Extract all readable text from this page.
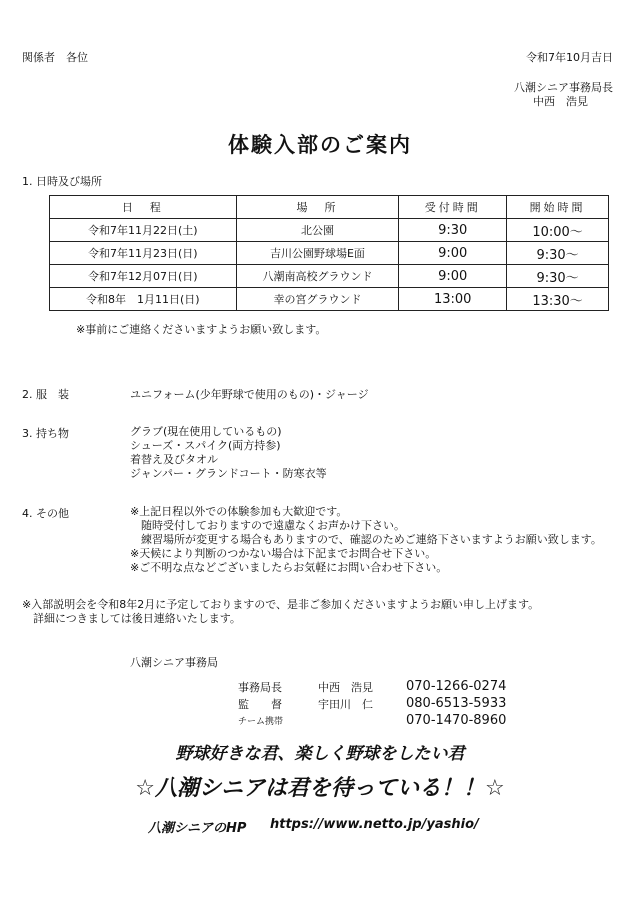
関係者　各位	令和7年10月吉日
八潮シニア事務局長
中西　浩見
体験入部のご案内
1. 日時及び場所
日　程	場　所	受付時間	開始時間
令和7年11月22日(土)	北公園	9:30	10:00～
令和7年11月23日(日)	吉川公園野球場E面	9:00	9:30～
令和7年12月07日(日)	八潮南高校グラウンド	9:00	9:30～
令和8年　1月11日(日)	幸の宮グラウンド	13:00	13:30～
※事前にご連絡くださいますようお願い致します。
2. 服　装	ユニフォーム(少年野球で使用のもの)・ジャージ
3. 持ち物	グラブ(現在使用しているもの)
シューズ・スパイク(両方持参)
着替え及びタオル
ジャンパー・グランドコート・防寒衣等
4. その他	※上記日程以外での体験参加も大歓迎です。
　随時受付しておりますので遠慮なくお声かけ下さい。
　練習場所が変更する場合もありますので、確認のためご連絡下さいますようお願い致します。
※天候により判断のつかない場合は下記までお問合せ下さい。
※ご不明な点などございましたらお気軽にお問い合わせ下さい。
※入部説明会を令和8年2月に予定しておりますので、是非ご参加くださいますようお願い申し上げます。
　詳細につきましては後日連絡いたします。
八潮シニア事務局
事務局長	中西　浩見	070-1266-0274
監　　督	宇田川　仁	080-6513-5933
チーム携帯		070-1470-8960
野球好きな君、楽しく野球をしたい君
☆八潮シニアは君を待っている！！☆
八潮シニアのHP https://www.netto.jp/yashio/
